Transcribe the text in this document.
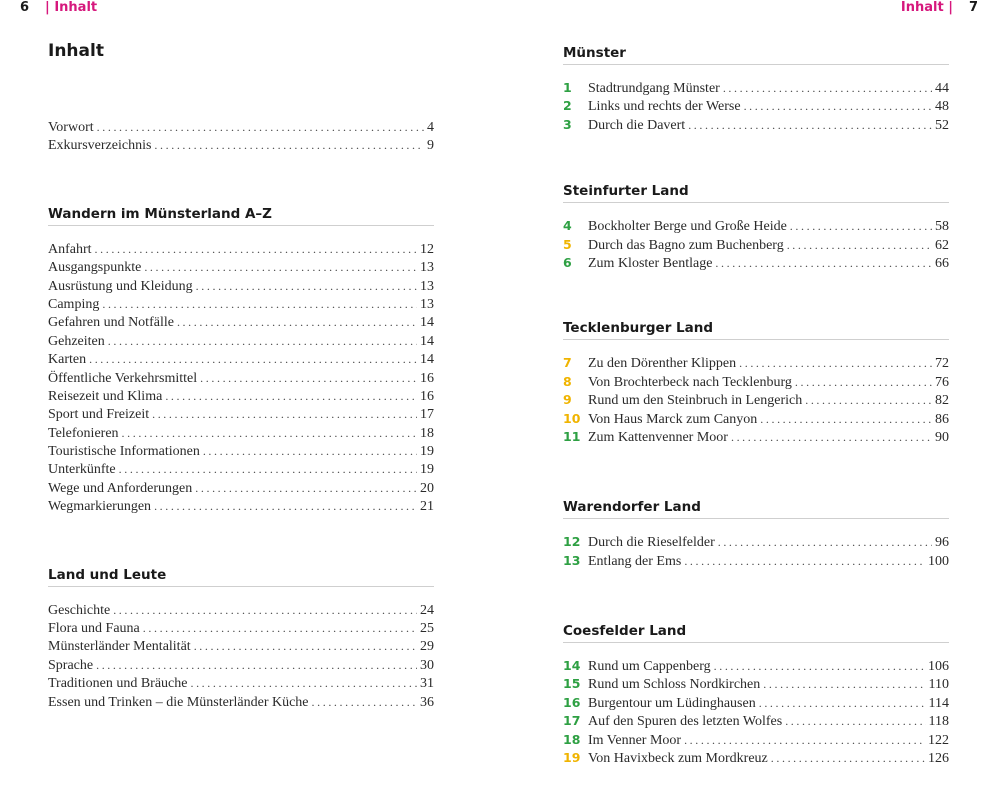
6 | Inhalt	Inhalt | 7
Inhalt
Vorwort .....	4
Exkursverzeichnis .....	9
Wandern im Münsterland A–Z
Anfahrt .....	12
Ausgangspunkte .....	13
Ausrüstung und Kleidung .....	13
Camping .....	13
Gefahren und Notfälle .....	14
Gehzeiten .....	14
Karten .....	14
Öffentliche Verkehrsmittel .....	16
Reisezeit und Klima .....	16
Sport und Freizeit .....	17
Telefonieren .....	18
Touristische Informationen .....	19
Unterkünfte .....	19
Wege und Anforderungen .....	20
Wegmarkierungen .....	21
Land und Leute
Geschichte .....	24
Flora und Fauna .....	25
Münsterländer Mentalität .....	29
Sprache .....	30
Traditionen und Bräuche .....	31
Essen und Trinken – die Münsterländer Küche .....	36
Münster
1	Stadtrundgang Münster .....	44
2	Links und rechts der Werse .....	48
3	Durch die Davert .....	52
Steinfurter Land
4	Bockholter Berge und Große Heide .....	58
5	Durch das Bagno zum Buchenberg .....	62
6	Zum Kloster Bentlage .....	66
Tecklenburger Land
7	Zu den Dörenther Klippen .....	72
8	Von Brochterbeck nach Tecklenburg .....	76
9	Rund um den Steinbruch in Lengerich .....	82
10 Von Haus Marck zum Canyon .....	86
11 Zum Kattenvenner Moor .....	90
Warendorfer Land
12 Durch die Rieselfelder .....	96
13 Entlang der Ems .....	100
Coesfelder Land
14 Rund um Cappenberg .....	106
15 Rund um Schloss Nordkirchen .....	110
16 Burgentour um Lüdinghausen .....	114
17 Auf den Spuren des letzten Wolfes .....	118
18 Im Venner Moor .....	122
19 Von Havixbeck zum Mordkreuz .....	126
